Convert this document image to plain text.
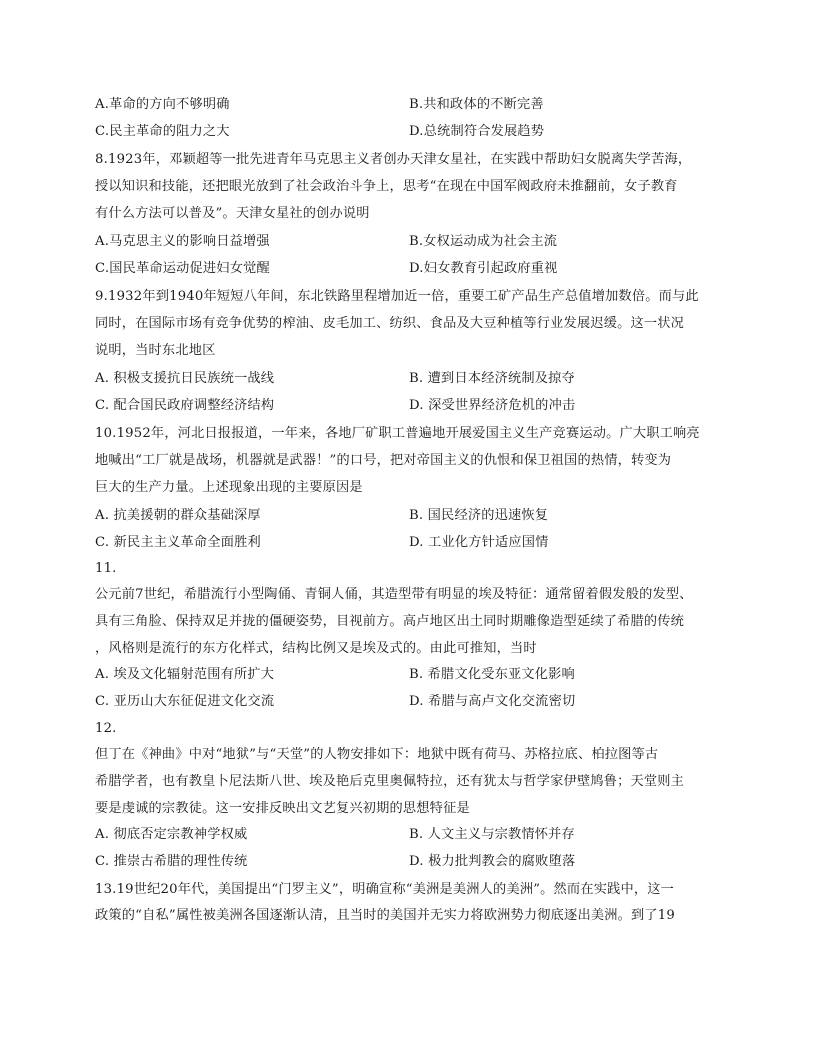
A.革命的方向不够明确	B.共和政体的不断完善
C.民主革命的阻力之大	D.总统制符合发展趋势
8.1923年，邓颖超等一批先进青年马克思主义者创办天津女星社，在实践中帮助妇女脱离失学苦海，
授以知识和技能，还把眼光放到了社会政治斗争上，思考“在现在中国军阀政府未推翻前，女子教育
有什么方法可以普及”。天津女星社的创办说明
A.马克思主义的影响日益增强	B.女权运动成为社会主流
C.国民革命运动促进妇女觉醒	D.妇女教育引起政府重视
9.1932年到1940年短短八年间，东北铁路里程增加近一倍，重要工矿产品生产总值增加数倍。而与此
同时，在国际市场有竞争优势的榨油、皮毛加工、纺织、食品及大豆种植等行业发展迟缓。这一状况
说明，当时东北地区
A. 积极支援抗日民族统一战线	B. 遭到日本经济统制及掠夺
C. 配合国民政府调整经济结构	D. 深受世界经济危机的冲击
10.1952年，河北日报报道，一年来，各地厂矿职工普遍地开展爱国主义生产竞赛运动。广大职工响亮
地喊出“工厂就是战场，机器就是武器！”的口号，把对帝国主义的仇恨和保卫祖国的热情，转变为
巨大的生产力量。上述现象出现的主要原因是
A. 抗美援朝的群众基础深厚	B. 国民经济的迅速恢复
C. 新民主主义革命全面胜利	D. 工业化方针适应国情
11.
公元前7世纪，希腊流行小型陶俑、青铜人俑，其造型带有明显的埃及特征：通常留着假发般的发型、
具有三角脸、保持双足并拢的僵硬姿势，目视前方。高卢地区出土同时期雕像造型延续了希腊的传统
，风格则是流行的东方化样式，结构比例又是埃及式的。由此可推知，当时
A. 埃及文化辐射范围有所扩大	B. 希腊文化受东亚文化影响
C. 亚历山大东征促进文化交流	D. 希腊与高卢文化交流密切
12.
但丁在《神曲》中对“地狱”与“天堂”的人物安排如下：地狱中既有荷马、苏格拉底、柏拉图等古
希腊学者，也有教皇卜尼法斯八世、埃及艳后克里奥佩特拉，还有犹太与哲学家伊壁鸠鲁；天堂则主
要是虔诚的宗教徒。这一安排反映出文艺复兴初期的思想特征是
A. 彻底否定宗教神学权威	B. 人文主义与宗教情怀并存
C. 推崇古希腊的理性传统	D. 极力批判教会的腐败堕落
13.19世纪20年代，美国提出“门罗主义”，明确宣称“美洲是美洲人的美洲”。然而在实践中，这一
政策的“自私”属性被美洲各国逐渐认清，且当时的美国并无实力将欧洲势力彻底逐出美洲。到了19
